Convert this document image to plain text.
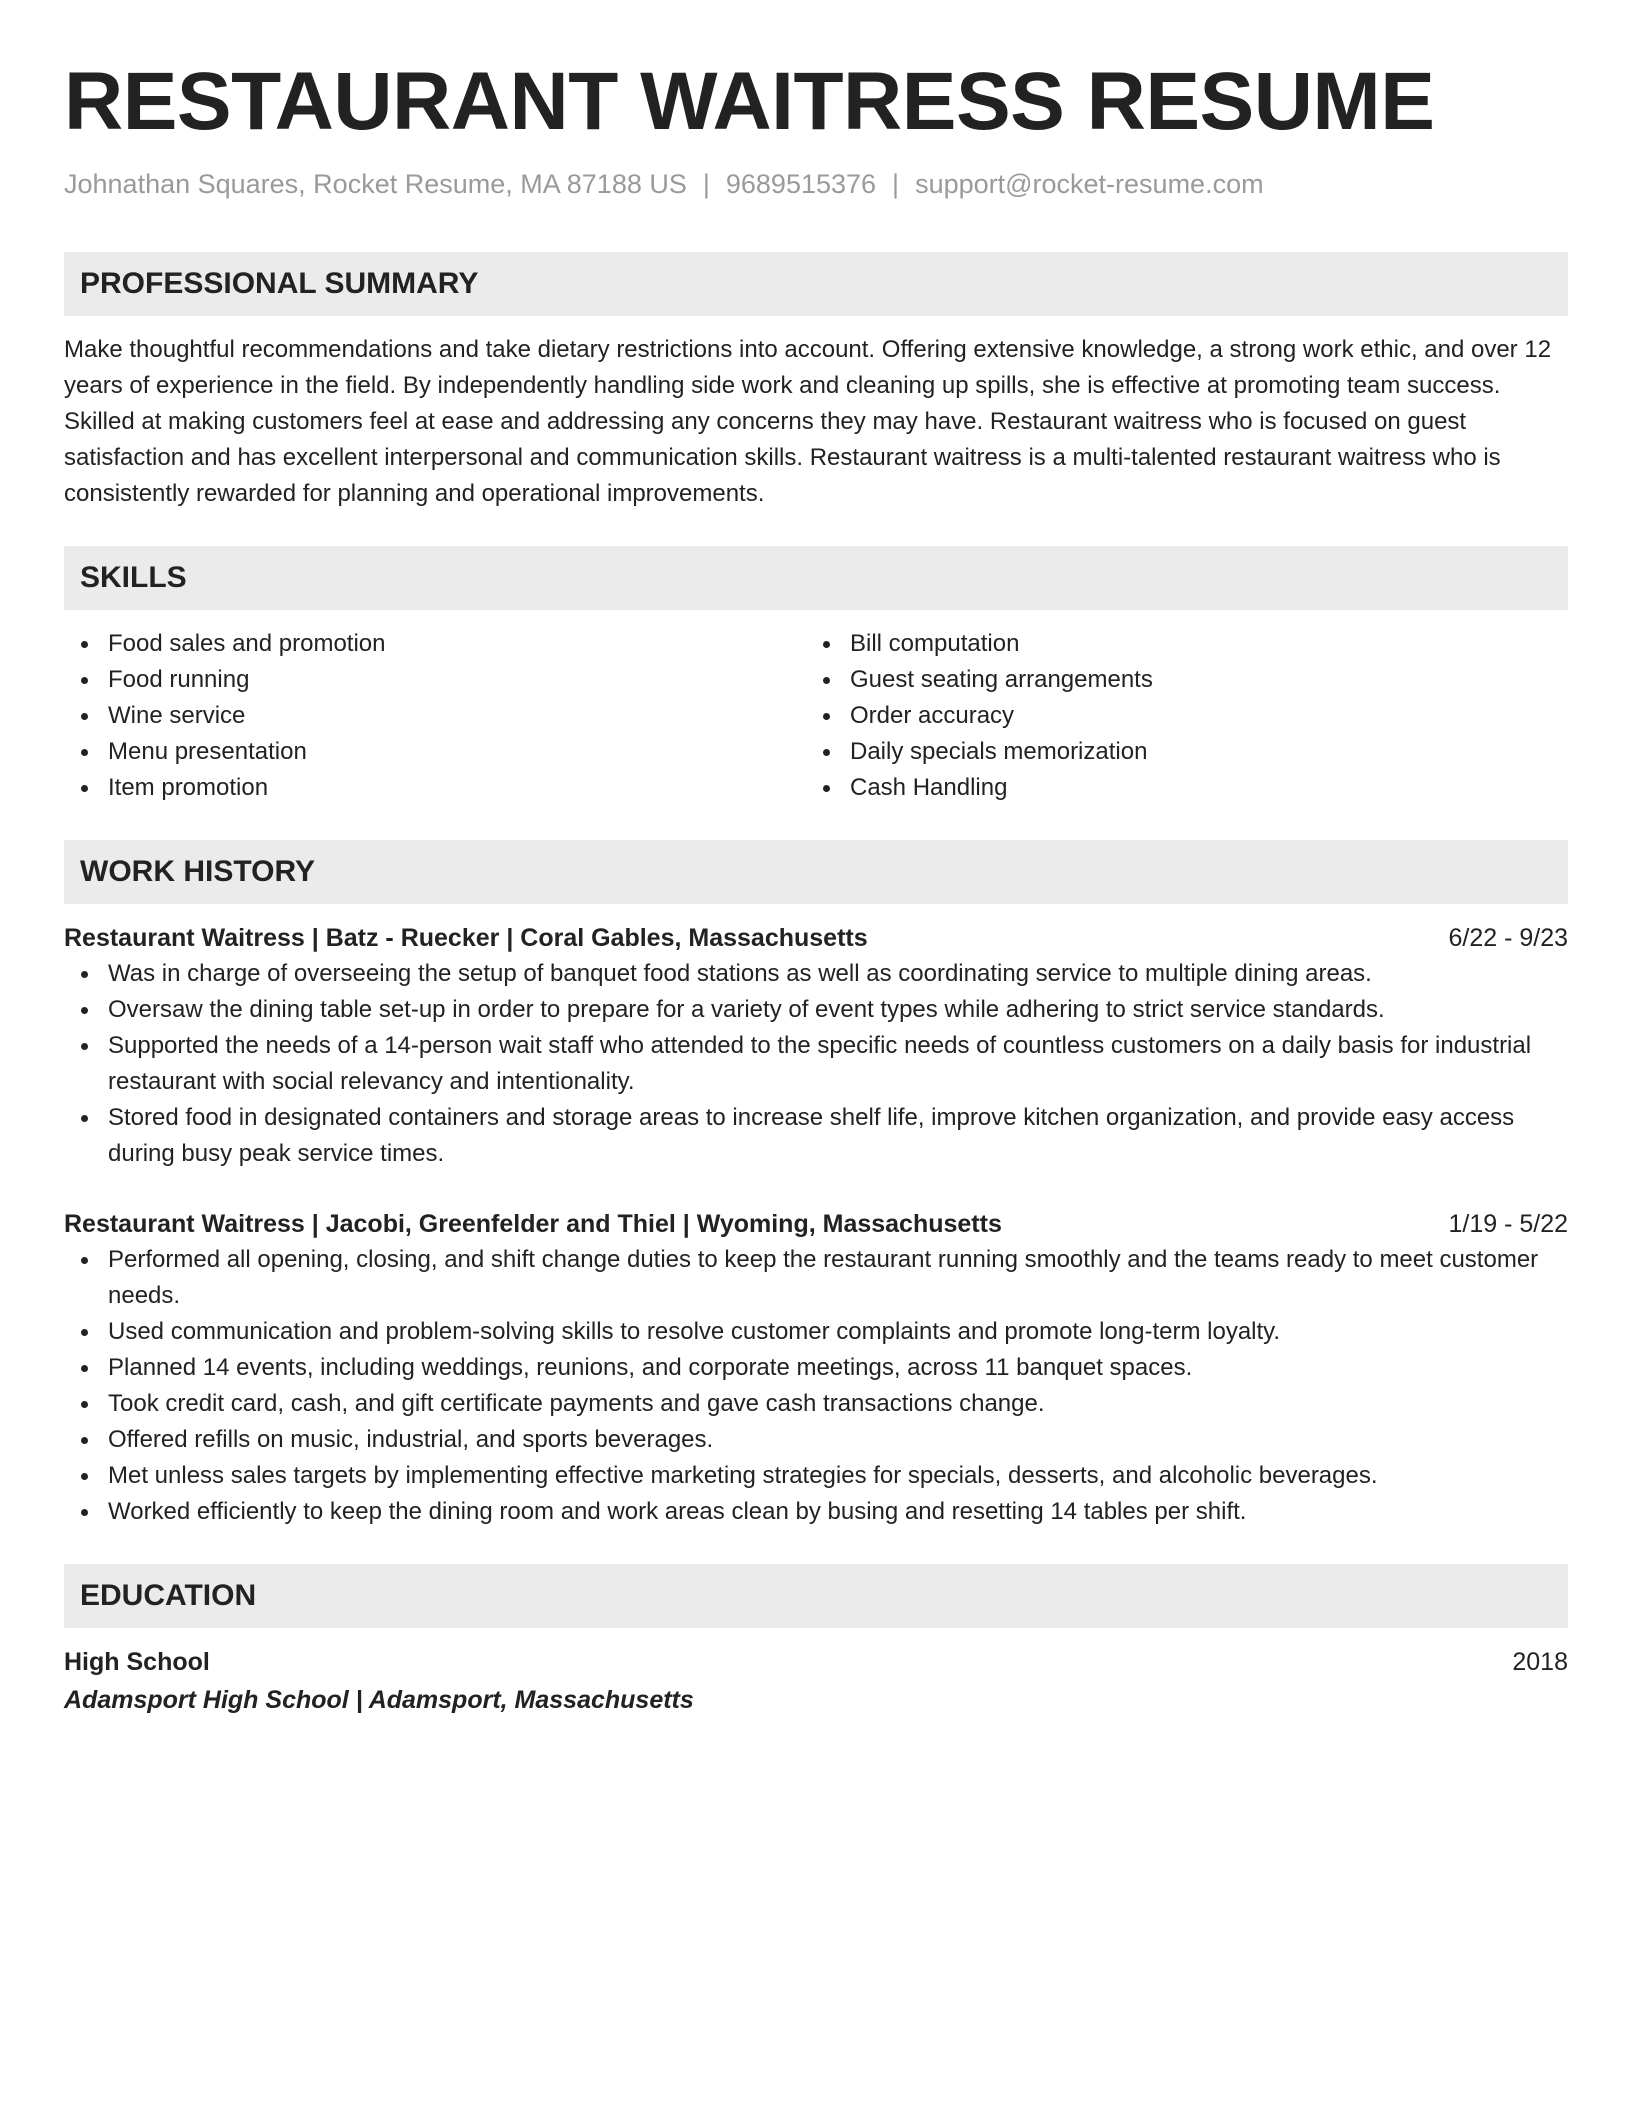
RESTAURANT WAITRESS RESUME
Johnathan Squares, Rocket Resume, MA 87188 US | 9689515376 | support@rocket-resume.com
PROFESSIONAL SUMMARY
Make thoughtful recommendations and take dietary restrictions into account. Offering extensive knowledge, a strong work ethic, and over 12 years of experience in the field. By independently handling side work and cleaning up spills, she is effective at promoting team success. Skilled at making customers feel at ease and addressing any concerns they may have. Restaurant waitress who is focused on guest satisfaction and has excellent interpersonal and communication skills. Restaurant waitress is a multi-talented restaurant waitress who is consistently rewarded for planning and operational improvements.
SKILLS
Food sales and promotion
Food running
Wine service
Menu presentation
Item promotion
Bill computation
Guest seating arrangements
Order accuracy
Daily specials memorization
Cash Handling
WORK HISTORY
Restaurant Waitress | Batz - Ruecker | Coral Gables, Massachusetts	6/22 - 9/23
Was in charge of overseeing the setup of banquet food stations as well as coordinating service to multiple dining areas.
Oversaw the dining table set-up in order to prepare for a variety of event types while adhering to strict service standards.
Supported the needs of a 14-person wait staff who attended to the specific needs of countless customers on a daily basis for industrial restaurant with social relevancy and intentionality.
Stored food in designated containers and storage areas to increase shelf life, improve kitchen organization, and provide easy access during busy peak service times.
Restaurant Waitress | Jacobi, Greenfelder and Thiel | Wyoming, Massachusetts	1/19 - 5/22
Performed all opening, closing, and shift change duties to keep the restaurant running smoothly and the teams ready to meet customer needs.
Used communication and problem-solving skills to resolve customer complaints and promote long-term loyalty.
Planned 14 events, including weddings, reunions, and corporate meetings, across 11 banquet spaces.
Took credit card, cash, and gift certificate payments and gave cash transactions change.
Offered refills on music, industrial, and sports beverages.
Met unless sales targets by implementing effective marketing strategies for specials, desserts, and alcoholic beverages.
Worked efficiently to keep the dining room and work areas clean by busing and resetting 14 tables per shift.
EDUCATION
High School	2018
Adamsport High School | Adamsport, Massachusetts
